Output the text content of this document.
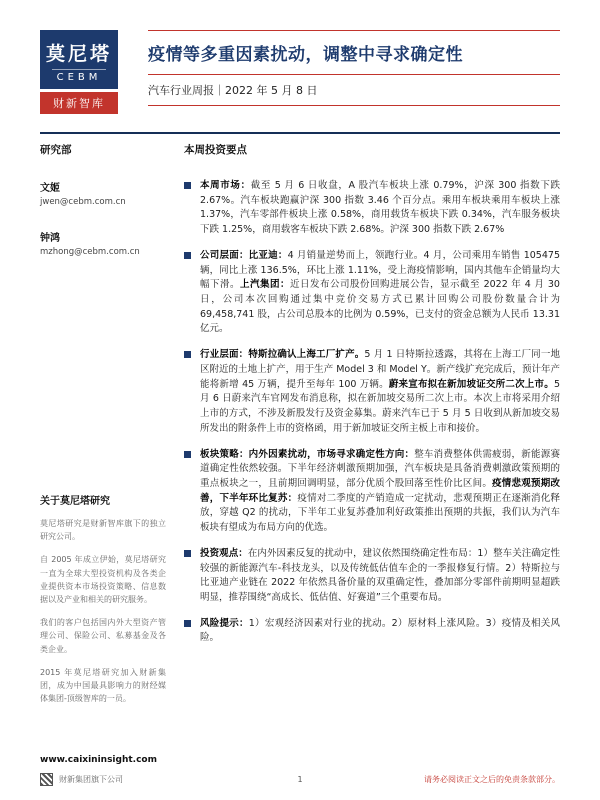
莫尼塔
CEBM
财新智库
疫情等多重因素扰动，调整中寻求确定性
汽车行业周报｜2022 年 5 月 8 日
研究部
文姬
jwen@cebm.com.cn
钟鸿
mzhong@cebm.com.cn
关于莫尼塔研究

莫尼塔研究是财新智库旗下的独立研究公司。

自 2005 年成立伊始，莫尼塔研究一直为全球大型投资机构及各类企业提供资本市场投资策略、信息数据以及产业和相关的研究服务。

我们的客户包括国内外大型资产管理公司、保险公司、私募基金及各类企业。

2015 年莫尼塔研究加入财新集团，成为中国最具影响力的财经媒体集团-顶级智库的一员。

www.caixininsight.com
本周投资要点
本周市场：截至 5 月 6 日收盘，A 股汽车板块上涨 0.79%，沪深 300 指数下跌 2.67%。汽车板块跑赢沪深 300 指数 3.46 个百分点。乘用车板块乘用车板块上涨 1.37%，汽车零部件板块上涨 0.58%，商用载货车板块下跌 0.34%，汽车服务板块下跌 1.25%，商用载客车板块下跌 2.68%。沪深 300 指数下跌 2.67%
公司层面：比亚迪：4 月销量逆势而上，领跑行业。4 月，公司乘用车销售 105475 辆，同比上涨 136.5%，环比上涨 1.11%，受上海疫情影响，国内其他车企销量均大幅下滑。上汽集团：近日发布公司股份回购进展公告，显示截至 2022 年 4 月 30 日，公司本次回购通过集中竞价交易方式已累计回购公司股份数量合计为 69,458,741 股，占公司总股本的比例为 0.59%，已支付的资金总额为人民币 13.31 亿元。
行业层面：特斯拉确认上海工厂扩产。5 月 1 日特斯拉透露，其将在上海工厂同一地区附近的土地上扩产，用于生产 Model 3 和 Model Y。新产线扩充完成后，预计年产能将新增 45 万辆，提升至每年 100 万辆。蔚来宣布拟在新加坡证交所二次上市。5 月 6 日蔚来汽车官网发布消息称，拟在新加坡交易所二次上市。本次上市将采用介绍上市的方式，不涉及新股发行及资金募集。蔚来汽车已于 5 月 5 日收到从新加坡交易所发出的附条件上市的资格函，用于新加坡证交所主板上市和接价。
板块策略：内外因素扰动，市场寻求确定性方向：整车消费整体供需疲弱，新能源赛道确定性依然较强。下半年经济刺激预期加强，汽车板块是具备消费刺激政策预期的重点板块之一，且前期回调明显，部分优质个股回落至性价比区间。疫情悲观预期改善，下半年环比复苏：疫情对二季度的产销造成一定扰动，悲观预期正在逐渐消化释放，穿越 Q2 的扰动，下半年工业复苏叠加利好政策推出预期的共振，我们认为汽车板块有望成为布局方向的优选。
投资观点：在内外因素反复的扰动中，建议依然围绕确定性布局：1）整车关注确定性较强的新能源汽车-科技龙头，以及传统低估值车企的一季报修复行情。2）特斯拉与比亚迪产业链在 2022 年依然具备价量的双重确定性，叠加部分零部件前期明显超跌明显，推荐围绕“高成长、低估值、好赛道”三个重要布局。
风险提示：1）宏观经济因素对行业的扰动。2）原材料上涨风险。3）疫情及相关风险。
财新集团旗下公司	1	请务必阅读正文之后的免责条款部分。
